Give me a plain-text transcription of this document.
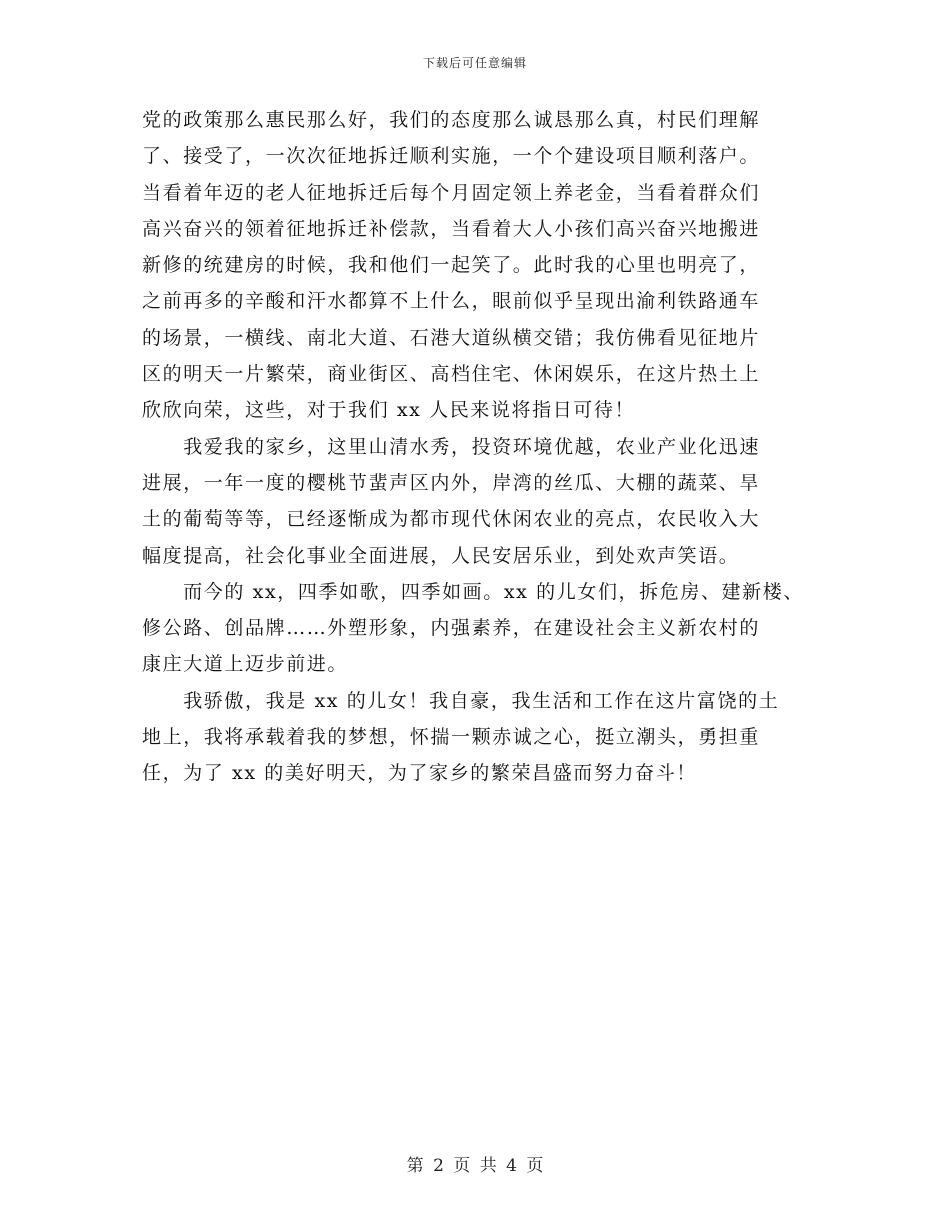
下载后可任意编辑
党的政策那么惠民那么好，我们的态度那么诚恳那么真，村民们理解
了、接受了，一次次征地拆迁顺利实施，一个个建设项目顺利落户。
当看着年迈的老人征地拆迁后每个月固定领上养老金，当看着群众们
高兴奋兴的领着征地拆迁补偿款，当看着大人小孩们高兴奋兴地搬进
新修的统建房的时候，我和他们一起笑了。此时我的心里也明亮了，
之前再多的辛酸和汗水都算不上什么，眼前似乎呈现出渝利铁路通车
的场景，一横线、南北大道、石港大道纵横交错；我仿佛看见征地片
区的明天一片繁荣，商业街区、高档住宅、休闲娱乐，在这片热土上
欣欣向荣，这些，对于我们 xx 人民来说将指日可待！
　　我爱我的家乡，这里山清水秀，投资环境优越，农业产业化迅速
进展，一年一度的樱桃节蜚声区内外，岸湾的丝瓜、大棚的蔬菜、旱
土的葡萄等等，已经逐惭成为都市现代休闲农业的亮点，农民收入大
幅度提高，社会化事业全面进展，人民安居乐业，到处欢声笑语。
　　而今的 xx，四季如歌，四季如画。xx 的儿女们，拆危房、建新楼、
修公路、创品牌……外塑形象，内强素养，在建设社会主义新农村的
康庄大道上迈步前进。
　　我骄傲，我是 xx 的儿女！我自豪，我生活和工作在这片富饶的土
地上，我将承载着我的梦想，怀揣一颗赤诚之心，挺立潮头，勇担重
任，为了 xx 的美好明天，为了家乡的繁荣昌盛而努力奋斗！
第 2 页 共 4 页
